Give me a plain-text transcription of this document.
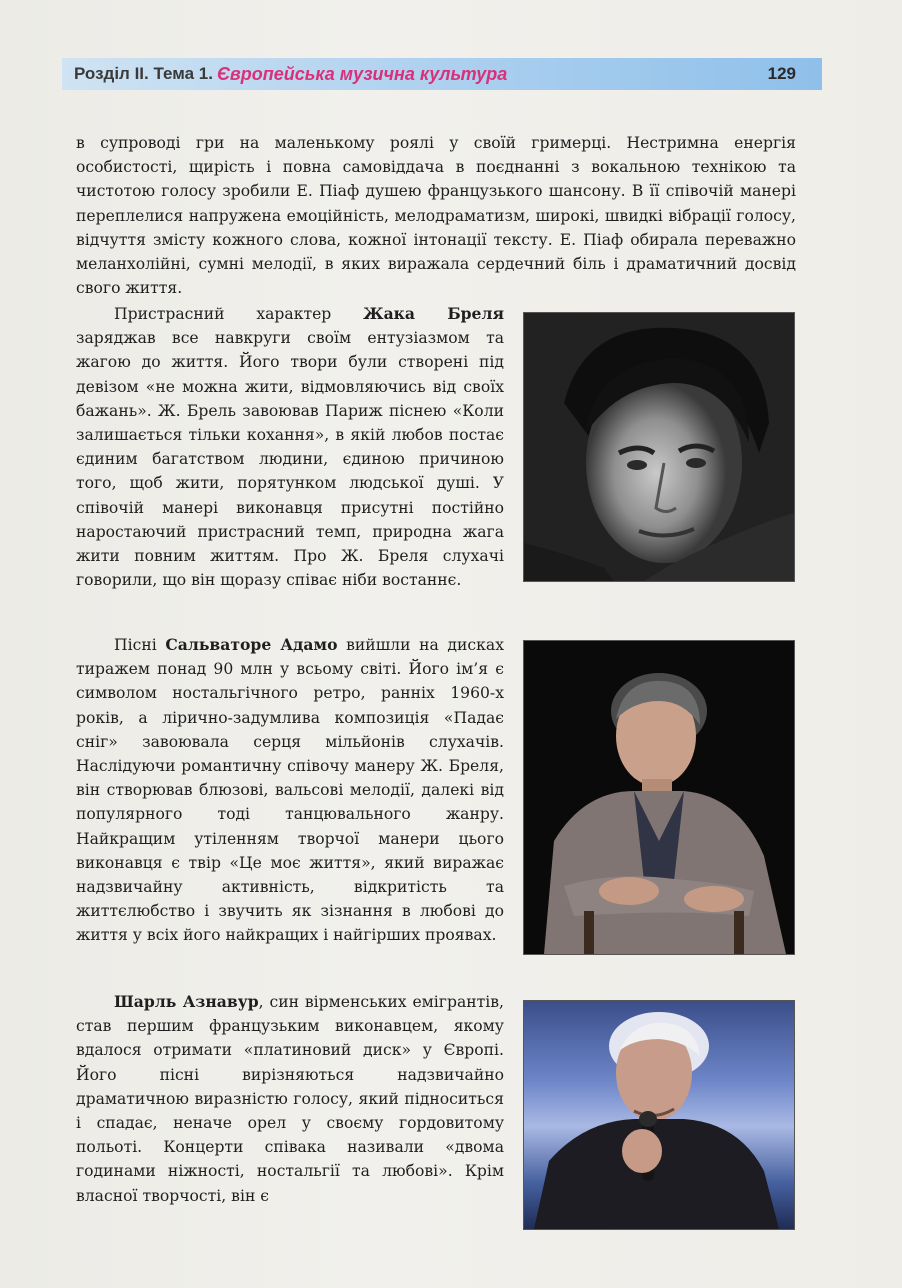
Розділ ІІ. Тема 1. Європейська музична культура	129

в супроводі гри на маленькому роялі у своїй гримерці. Нестримна енергія особистості, щирість і повна самовіддача в поєднанні з вокальною технікою та чистотою голосу зробили Е. Піаф душею французького шансону. В її співочій манері переплелися напружена емоційність, мелодраматизм, широкі, швидкі вібрації голосу, відчуття змісту кожного слова, кожної інтонації тексту. Е. Піаф обирала переважно меланхолійні, сумні мелодії, в яких виражала сердечний біль і драматичний досвід свого життя.

Пристрасний характер Жака Бреля заряджав все навкруги своїм ентузіазмом та жагою до життя. Його твори були створені під девізом «не можна жити, відмовляючись від своїх бажань». Ж. Брель завоював Париж піснею «Коли залишається тільки кохання», в якій любов постає єдиним багатством людини, єдиною причиною того, щоб жити, порятунком людської душі. У співочій манері виконавця присутні постійно наростаючий пристрасний темп, природна жага жити повним життям. Про Ж. Бреля слухачі говорили, що він щоразу співає ніби востаннє.

Пісні Сальваторе Адамо вийшли на дисках тиражем понад 90 млн у всьому світі. Його ім’я є символом ностальгічного ретро, ранніх 1960-х років, а лірично-задумлива композиція «Падає сніг» завоювала серця мільйонів слухачів. Наслідуючи романтичну співочу манеру Ж. Бреля, він створював блюзові, вальсові мелодії, далекі від популярного тоді танцювального жанру. Найкращим утіленням творчої манери цього виконавця є твір «Це моє життя», який виражає надзвичайну активність, відкритість та життєлюбство і звучить як зізнання в любові до життя у всіх його найкращих і найгірших проявах.

Шарль Азнавур, син вірменських емігрантів, став першим французьким виконавцем, якому вдалося отримати «платиновий диск» у Європі. Його пісні вирізняються надзвичайно драматичною виразністю голосу, який підноситься і спадає, неначе орел у своєму гордовитому польоті. Концерти співака називали «двома годинами ніжності, ностальгії та любові». Крім власної творчості, він є
